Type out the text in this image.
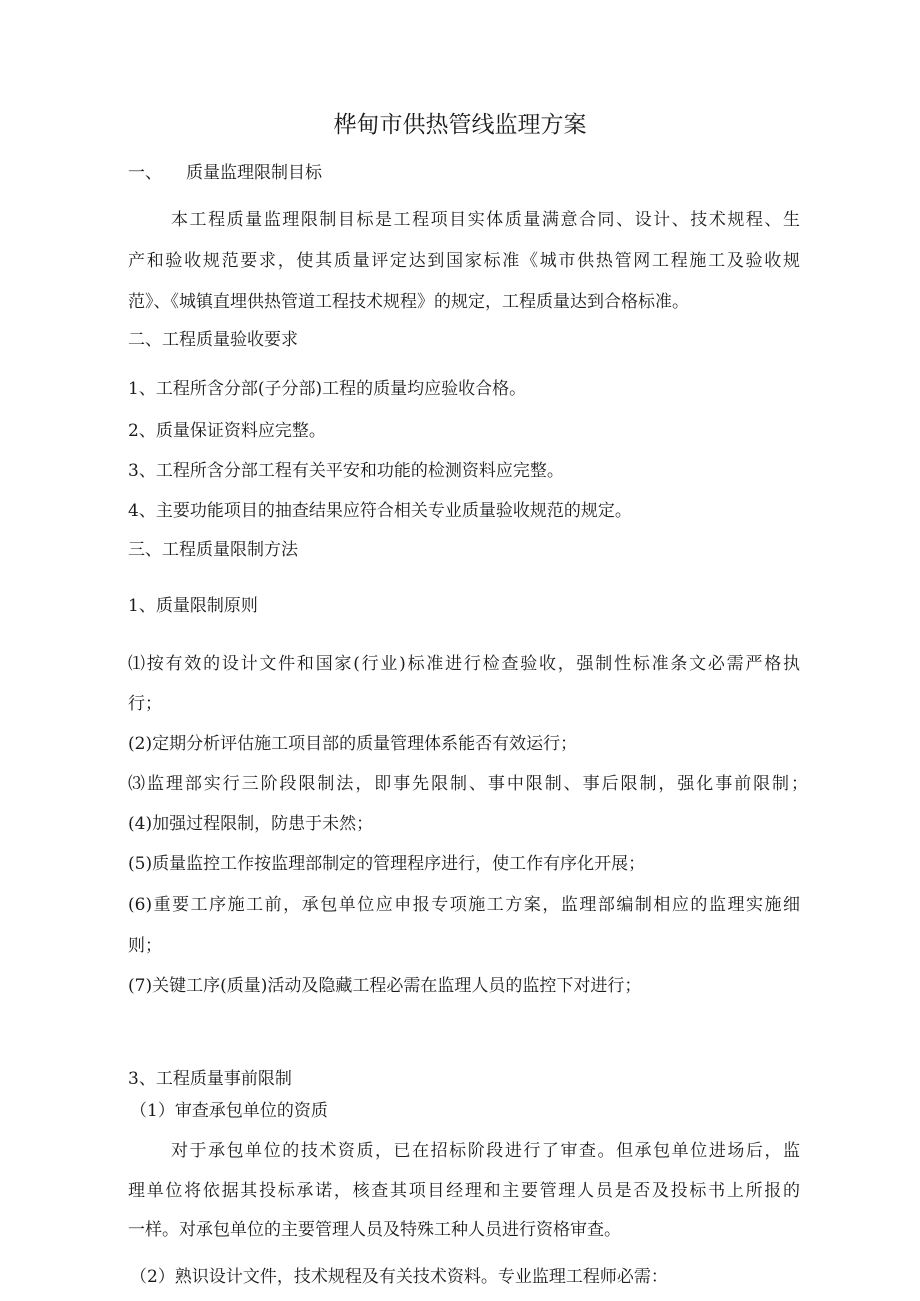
桦甸市供热管线监理方案
一、 质量监理限制目标
本工程质量监理限制目标是工程项目实体质量满意合同、设计、技术规程、生
产和验收规范要求，使其质量评定达到国家标准《城市供热管网工程施工及验收规
范》、《城镇直埋供热管道工程技术规程》的规定，工程质量达到合格标准。
二、工程质量验收要求
1、工程所含分部(子分部)工程的质量均应验收合格。
2、质量保证资料应完整。
3、工程所含分部工程有关平安和功能的检测资料应完整。
4、主要功能项目的抽查结果应符合相关专业质量验收规范的规定。
三、工程质量限制方法
1、质量限制原则
⑴按有效的设计文件和国家(行业)标准进行检查验收，强制性标准条文必需严格执
行；
(2)定期分析评估施工项目部的质量管理体系能否有效运行；
⑶监理部实行三阶段限制法，即事先限制、事中限制、事后限制，强化事前限制；
(4)加强过程限制，防患于未然；
(5)质量监控工作按监理部制定的管理程序进行，使工作有序化开展；
(6)重要工序施工前，承包单位应申报专项施工方案，监理部编制相应的监理实施细
则；
(7)关键工序(质量)活动及隐藏工程必需在监理人员的监控下对进行；
3、工程质量事前限制
（1）审查承包单位的资质
对于承包单位的技术资质，已在招标阶段进行了审查。但承包单位进场后，监
理单位将依据其投标承诺，核查其项目经理和主要管理人员是否及投标书上所报的
一样。对承包单位的主要管理人员及特殊工种人员进行资格审查。
（2）熟识设计文件，技术规程及有关技术资料。专业监理工程师必需：
